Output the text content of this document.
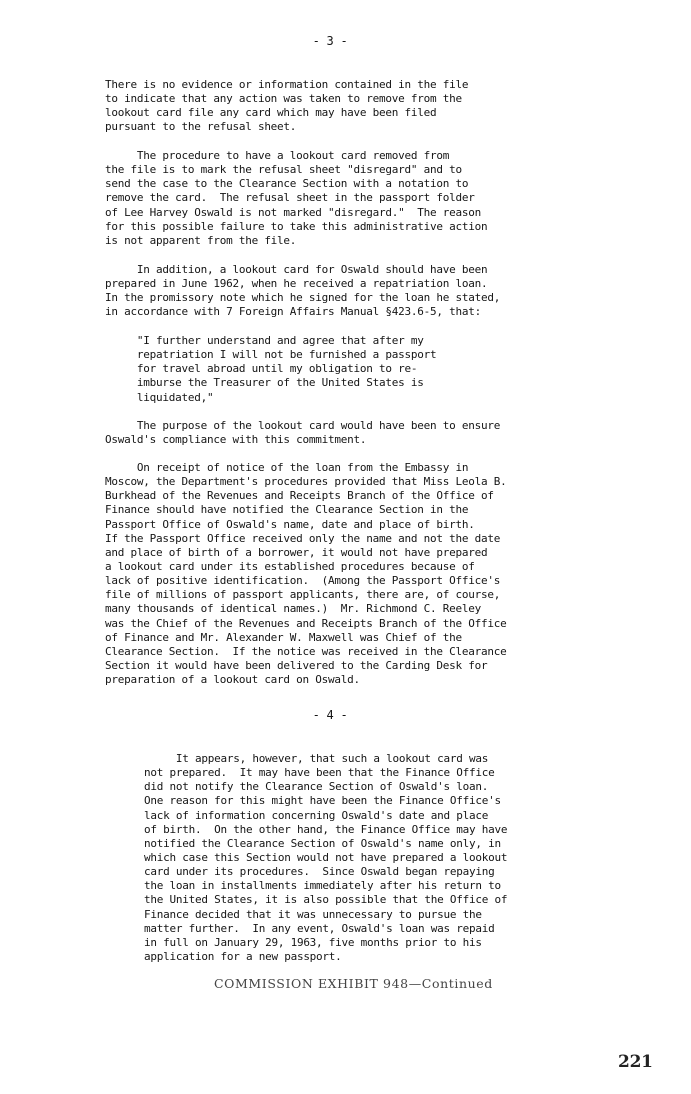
- 3 -
There is no evidence or information contained in the file
to indicate that any action was taken to remove from the
lookout card file any card which may have been filed
pursuant to the refusal sheet.
The procedure to have a lookout card removed from
the file is to mark the refusal sheet "disregard" and to
send the case to the Clearance Section with a notation to
remove the card.  The refusal sheet in the passport folder
of Lee Harvey Oswald is not marked "disregard."  The reason
for this possible failure to take this administrative action
is not apparent from the file.
In addition, a lookout card for Oswald should have been
prepared in June 1962, when he received a repatriation loan.
In the promissory note which he signed for the loan he stated,
in accordance with 7 Foreign Affairs Manual §423.6-5, that:
"I further understand and agree that after my
repatriation I will not be furnished a passport
for travel abroad until my obligation to re-
imburse the Treasurer of the United States is
liquidated,"
The purpose of the lookout card would have been to ensure
Oswald's compliance with this commitment.
On receipt of notice of the loan from the Embassy in
Moscow, the Department's procedures provided that Miss Leola B.
Burkhead of the Revenues and Receipts Branch of the Office of
Finance should have notified the Clearance Section in the
Passport Office of Oswald's name, date and place of birth.
If the Passport Office received only the name and not the date
and place of birth of a borrower, it would not have prepared
a lookout card under its established procedures because of
lack of positive identification.  (Among the Passport Office's
file of millions of passport applicants, there are, of course,
many thousands of identical names.)  Mr. Richmond C. Reeley
was the Chief of the Revenues and Receipts Branch of the Office
of Finance and Mr. Alexander W. Maxwell was Chief of the
Clearance Section.  If the notice was received in the Clearance
Section it would have been delivered to the Carding Desk for
preparation of a lookout card on Oswald.
- 4 -
It appears, however, that such a lookout card was
not prepared.  It may have been that the Finance Office
did not notify the Clearance Section of Oswald's loan.
One reason for this might have been the Finance Office's
lack of information concerning Oswald's date and place
of birth.  On the other hand, the Finance Office may have
notified the Clearance Section of Oswald's name only, in
which case this Section would not have prepared a lookout
card under its procedures.  Since Oswald began repaying
the loan in installments immediately after his return to
the United States, it is also possible that the Office of
Finance decided that it was unnecessary to pursue the
matter further.  In any event, Oswald's loan was repaid
in full on January 29, 1963, five months prior to his
application for a new passport.
COMMISSION EXHIBIT 948—Continued
221
